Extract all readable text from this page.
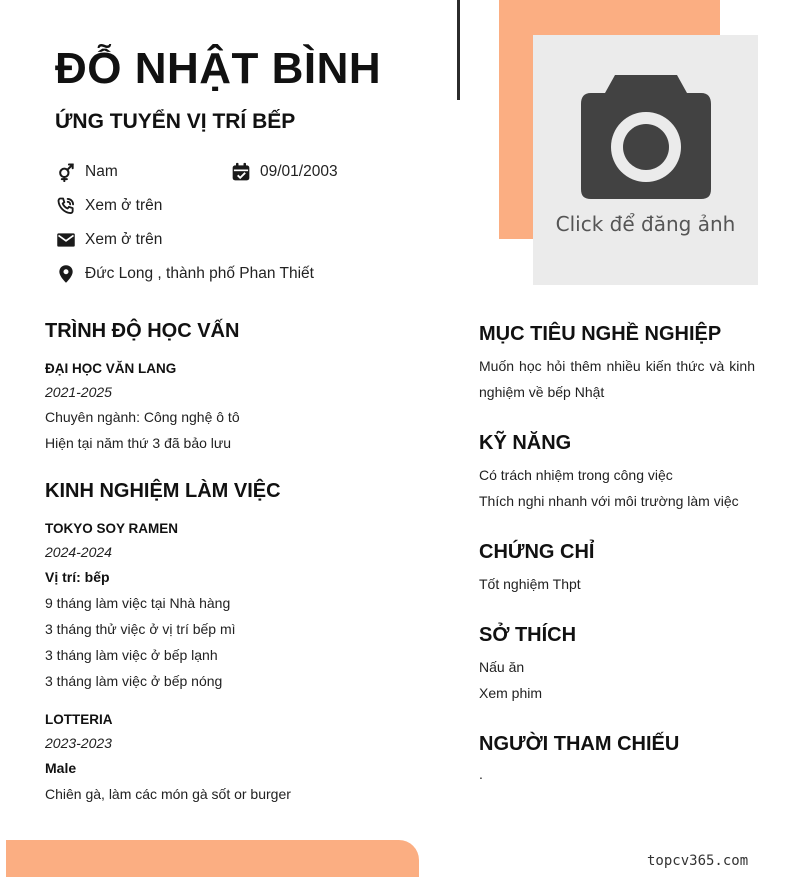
ĐỖ NHẬT BÌNH
ỨNG TUYỂN VỊ TRÍ BẾP
Nam	09/01/2003
Xem ở trên
Xem ở trên
Đức Long , thành phố Phan Thiết
Click để đăng ảnh
TRÌNH ĐỘ HỌC VẤN
ĐẠI HỌC VĂN LANG
2021-2025
Chuyên ngành: Công nghệ ô tô
Hiện tại năm thứ 3 đã bảo lưu
KINH NGHIỆM LÀM VIỆC
TOKYO SOY RAMEN
2024-2024
Vị trí: bếp
9 tháng làm việc tại Nhà hàng
3 tháng thử việc ở vị trí bếp mì
3 tháng làm việc ở bếp lạnh
3 tháng làm việc ở bếp nóng
LOTTERIA
2023-2023
Male
Chiên gà, làm các món gà sốt or burger
MỤC TIÊU NGHỀ NGHIỆP
Muốn học hỏi thêm nhiều kiến thức và kinh nghiệm về bếp Nhật
KỸ NĂNG
Có trách nhiệm trong công việc
Thích nghi nhanh với môi trường làm việc
CHỨNG CHỈ
Tốt nghiệm Thpt
SỞ THÍCH
Nấu ăn
Xem phim
NGƯỜI THAM CHIẾU
.
topcv365.com
